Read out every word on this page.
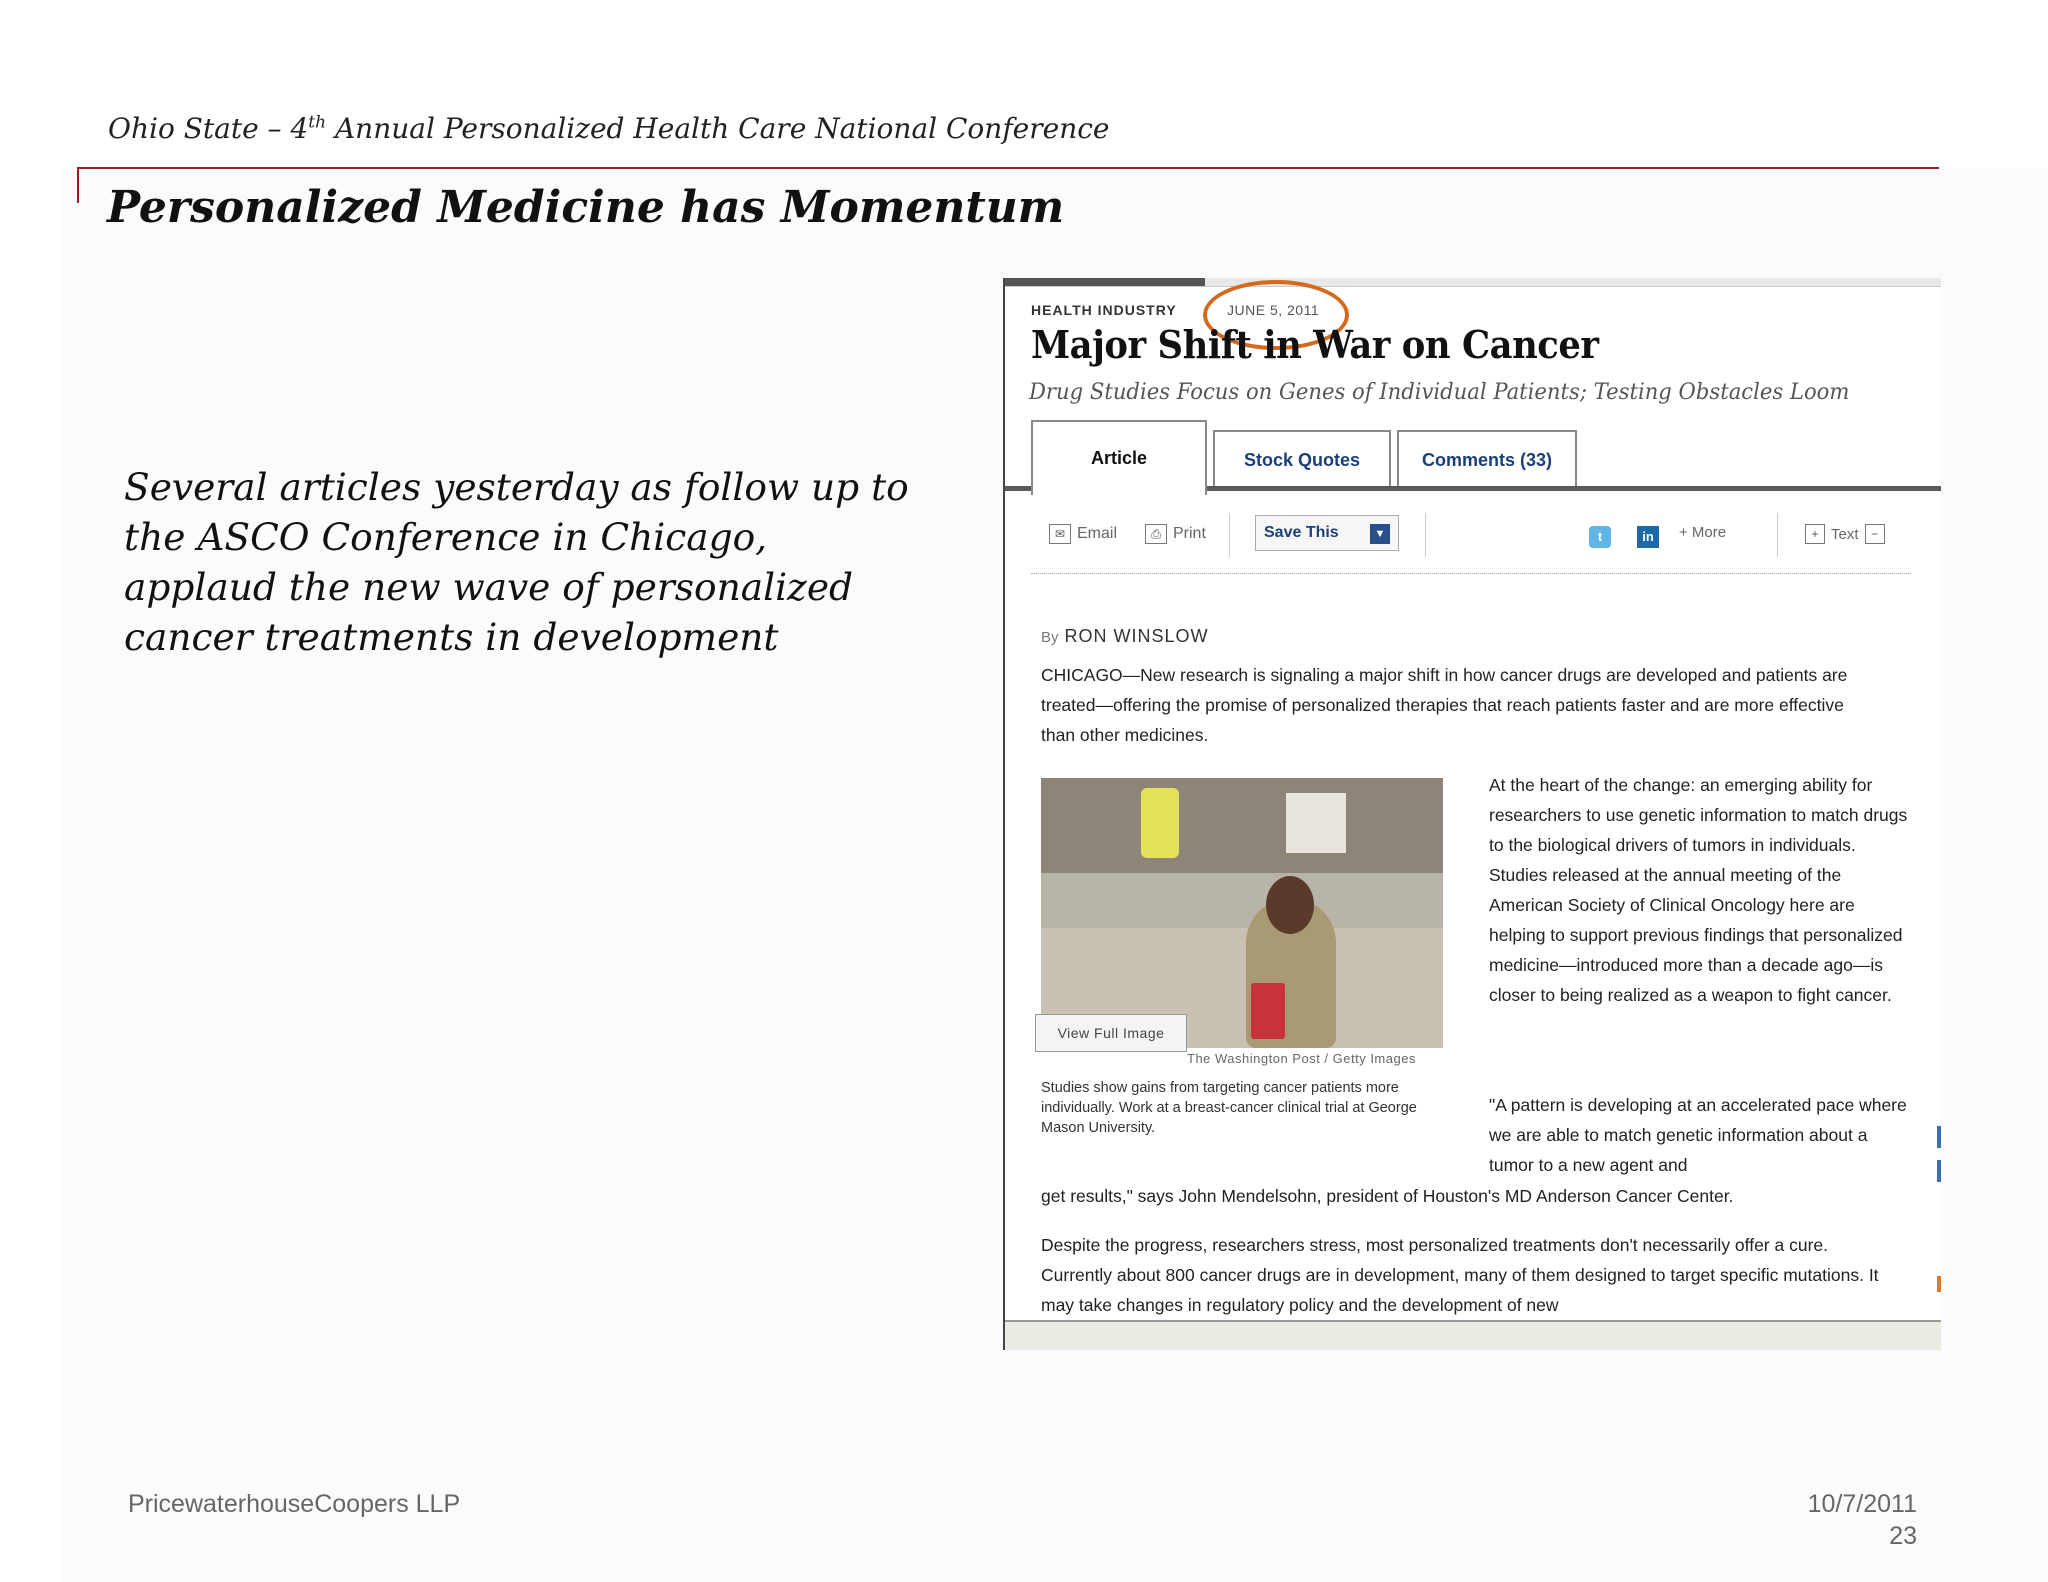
Ohio State – 4th Annual Personalized Health Care National Conference
Personalized Medicine has Momentum
Several articles yesterday as follow up to the ASCO Conference in Chicago, applaud the new wave of personalized cancer treatments in development
HEALTH INDUSTRY	JUNE 5, 2011
Major Shift in War on Cancer
Drug Studies Focus on Genes of Individual Patients; Testing Obstacles Loom
Article	Stock Quotes	Comments (33)
✉ Email	⎙ Print	Save This	▼	t	in	+ More	+ Text	−
By RON WINSLOW
CHICAGO—New research is signaling a major shift in how cancer drugs are developed and patients are treated—offering the promise of personalized therapies that reach patients faster and are more effective than other medicines.
View Full Image
The Washington Post / Getty Images
Studies show gains from targeting cancer patients more individually. Work at a breast-cancer clinical trial at George Mason University.
At the heart of the change: an emerging ability for researchers to use genetic information to match drugs to the biological drivers of tumors in individuals. Studies released at the annual meeting of the American Society of Clinical Oncology here are helping to support previous findings that personalized medicine—introduced more than a decade ago—is closer to being realized as a weapon to fight cancer.
"A pattern is developing at an accelerated pace where we are able to match genetic information about a tumor to a new agent and
get results," says John Mendelsohn, president of Houston's MD Anderson Cancer Center.
Despite the progress, researchers stress, most personalized treatments don't necessarily offer a cure. Currently about 800 cancer drugs are in development, many of them designed to target specific mutations. It may take changes in regulatory policy and the development of new
PricewaterhouseCoopers LLP	10/7/2011
23
